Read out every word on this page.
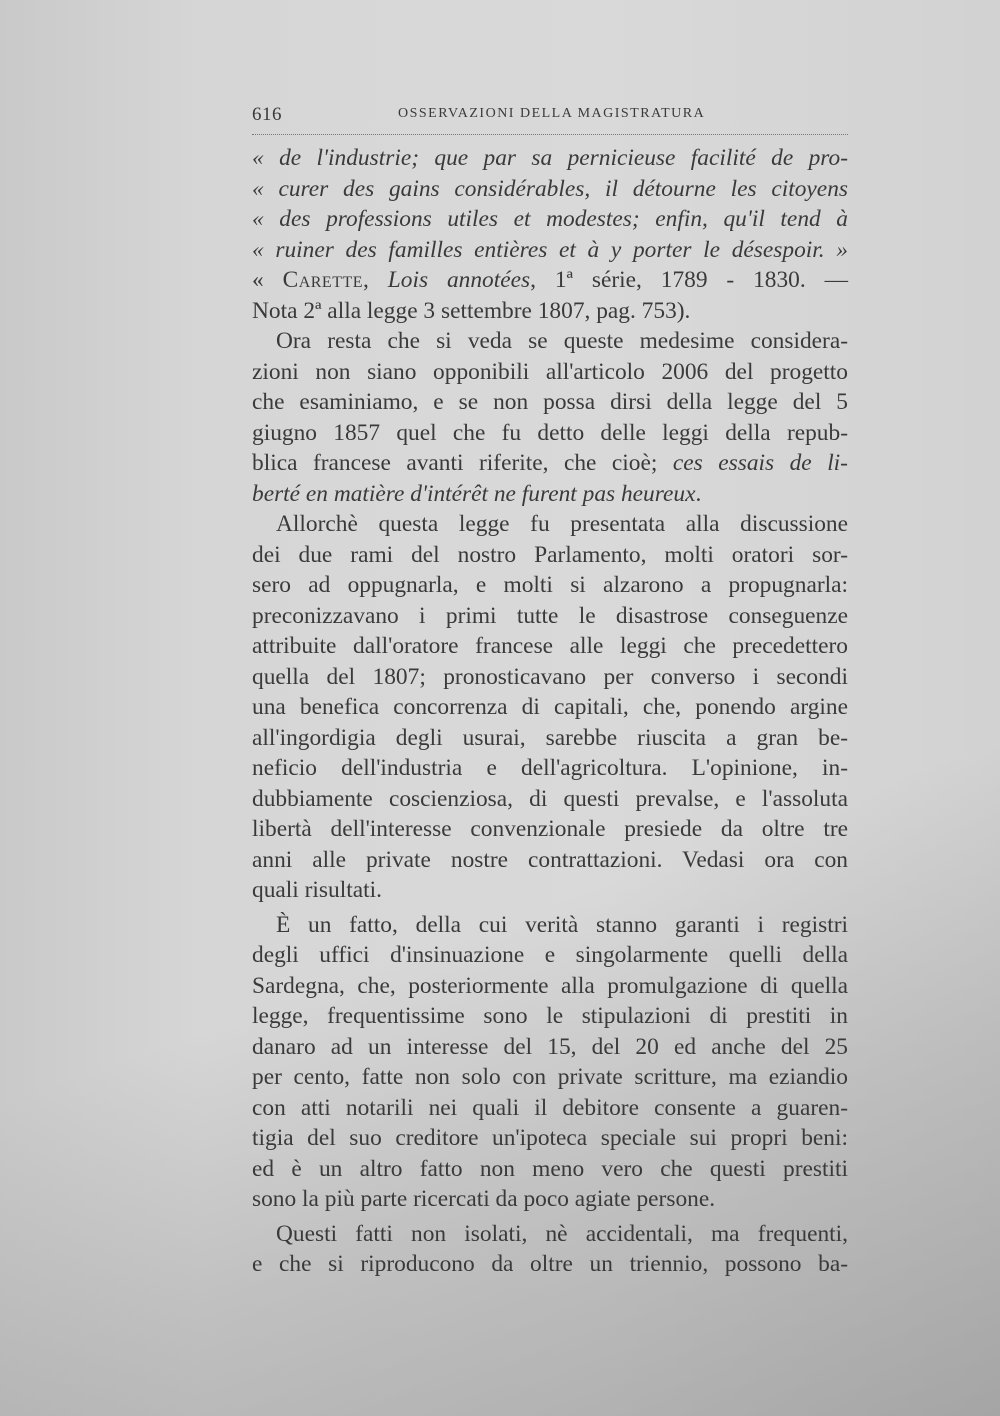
616	OSSERVAZIONI DELLA MAGISTRATURA
« de l'industrie; que par sa pernicieuse facilité de pro-
« curer des gains considérables, il détourne les citoyens
« des professions utiles et modestes; enfin, qu'il tend à
« ruiner des familles entières et à y porter le désespoir. »
« Carette, Lois annotées, 1ª série, 1789 - 1830. —
Nota 2ª alla legge 3 settembre 1807, pag. 753).
Ora resta che si veda se queste medesime considera-
zioni non siano opponibili all'articolo 2006 del progetto
che esaminiamo, e se non possa dirsi della legge del 5
giugno 1857 quel che fu detto delle leggi della repub-
blica francese avanti riferite, che cioè; ces essais de li-
berté en matière d'intérêt ne furent pas heureux.
Allorchè questa legge fu presentata alla discussione
dei due rami del nostro Parlamento, molti oratori sor-
sero ad oppugnarla, e molti si alzarono a propugnarla:
preconizzavano i primi tutte le disastrose conseguenze
attribuite dall'oratore francese alle leggi che precedettero
quella del 1807; pronosticavano per converso i secondi
una benefica concorrenza di capitali, che, ponendo argine
all'ingordigia degli usurai, sarebbe riuscita a gran be-
neficio dell'industria e dell'agricoltura. L'opinione, in-
dubbiamente coscienziosa, di questi prevalse, e l'assoluta
libertà dell'interesse convenzionale presiede da oltre tre
anni alle private nostre contrattazioni. Vedasi ora con
quali risultati.
È un fatto, della cui verità stanno garanti i registri
degli uffici d'insinuazione e singolarmente quelli della
Sardegna, che, posteriormente alla promulgazione di quella
legge, frequentissime sono le stipulazioni di prestiti in
danaro ad un interesse del 15, del 20 ed anche del 25
per cento, fatte non solo con private scritture, ma eziandio
con atti notarili nei quali il debitore consente a guaren-
tigia del suo creditore un'ipoteca speciale sui propri beni:
ed è un altro fatto non meno vero che questi prestiti
sono la più parte ricercati da poco agiate persone.
Questi fatti non isolati, nè accidentali, ma frequenti,
e che si riproducono da oltre un triennio, possono ba-
